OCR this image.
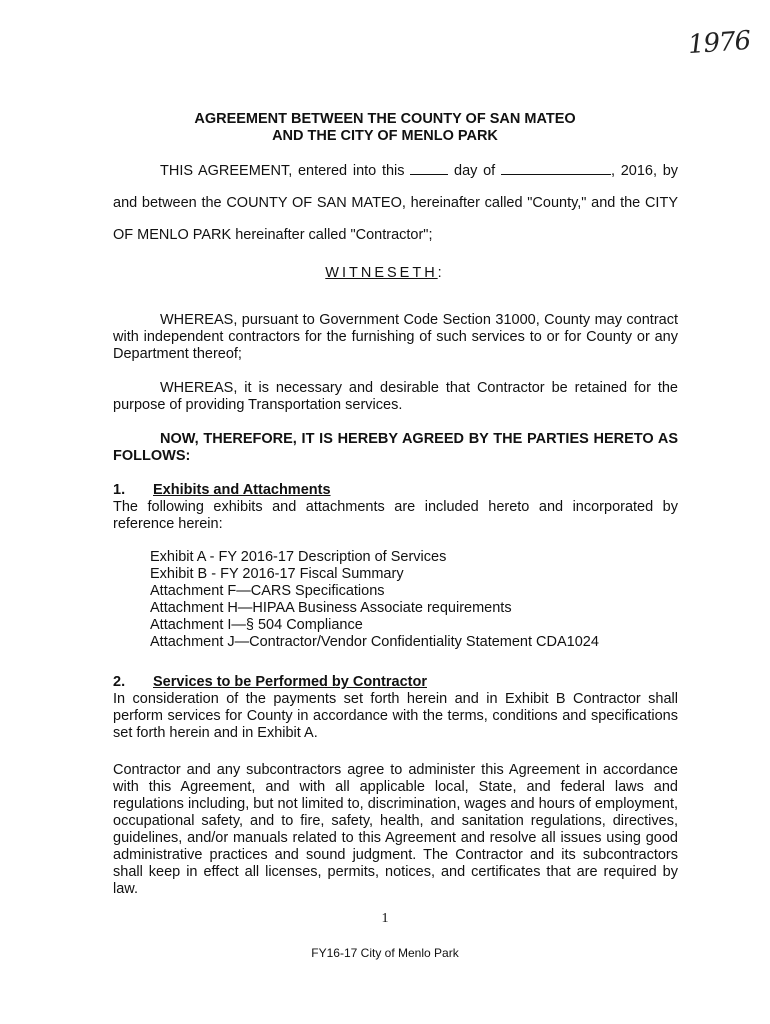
1976
AGREEMENT BETWEEN THE COUNTY OF SAN MATEO
AND THE CITY OF MENLO PARK
THIS AGREEMENT, entered into this	day of	, 2016, by and between the COUNTY OF SAN MATEO, hereinafter called "County," and the CITY OF MENLO PARK hereinafter called "Contractor";
WITNESETH:
WHEREAS, pursuant to Government Code Section 31000, County may contract with independent contractors for the furnishing of such services to or for County or any Department thereof;
WHEREAS, it is necessary and desirable that Contractor be retained for the purpose of providing Transportation services.
NOW, THEREFORE, IT IS HEREBY AGREED BY THE PARTIES HERETO AS FOLLOWS:
1. Exhibits and Attachments
The following exhibits and attachments are included hereto and incorporated by reference herein:
Exhibit A - FY 2016-17 Description of Services
Exhibit B - FY 2016-17 Fiscal Summary
Attachment F—CARS Specifications
Attachment H—HIPAA Business Associate requirements
Attachment I—§ 504 Compliance
Attachment J—Contractor/Vendor Confidentiality Statement CDA1024
2. Services to be Performed by Contractor
In consideration of the payments set forth herein and in Exhibit B Contractor shall perform services for County in accordance with the terms, conditions and specifications set forth herein and in Exhibit A.
Contractor and any subcontractors agree to administer this Agreement in accordance with this Agreement, and with all applicable local, State, and federal laws and regulations including, but not limited to, discrimination, wages and hours of employment, occupational safety, and to fire, safety, health, and sanitation regulations, directives, guidelines, and/or manuals related to this Agreement and resolve all issues using good administrative practices and sound judgment. The Contractor and its subcontractors shall keep in effect all licenses, permits, notices, and certificates that are required by law.
1
FY16-17 City of Menlo Park
